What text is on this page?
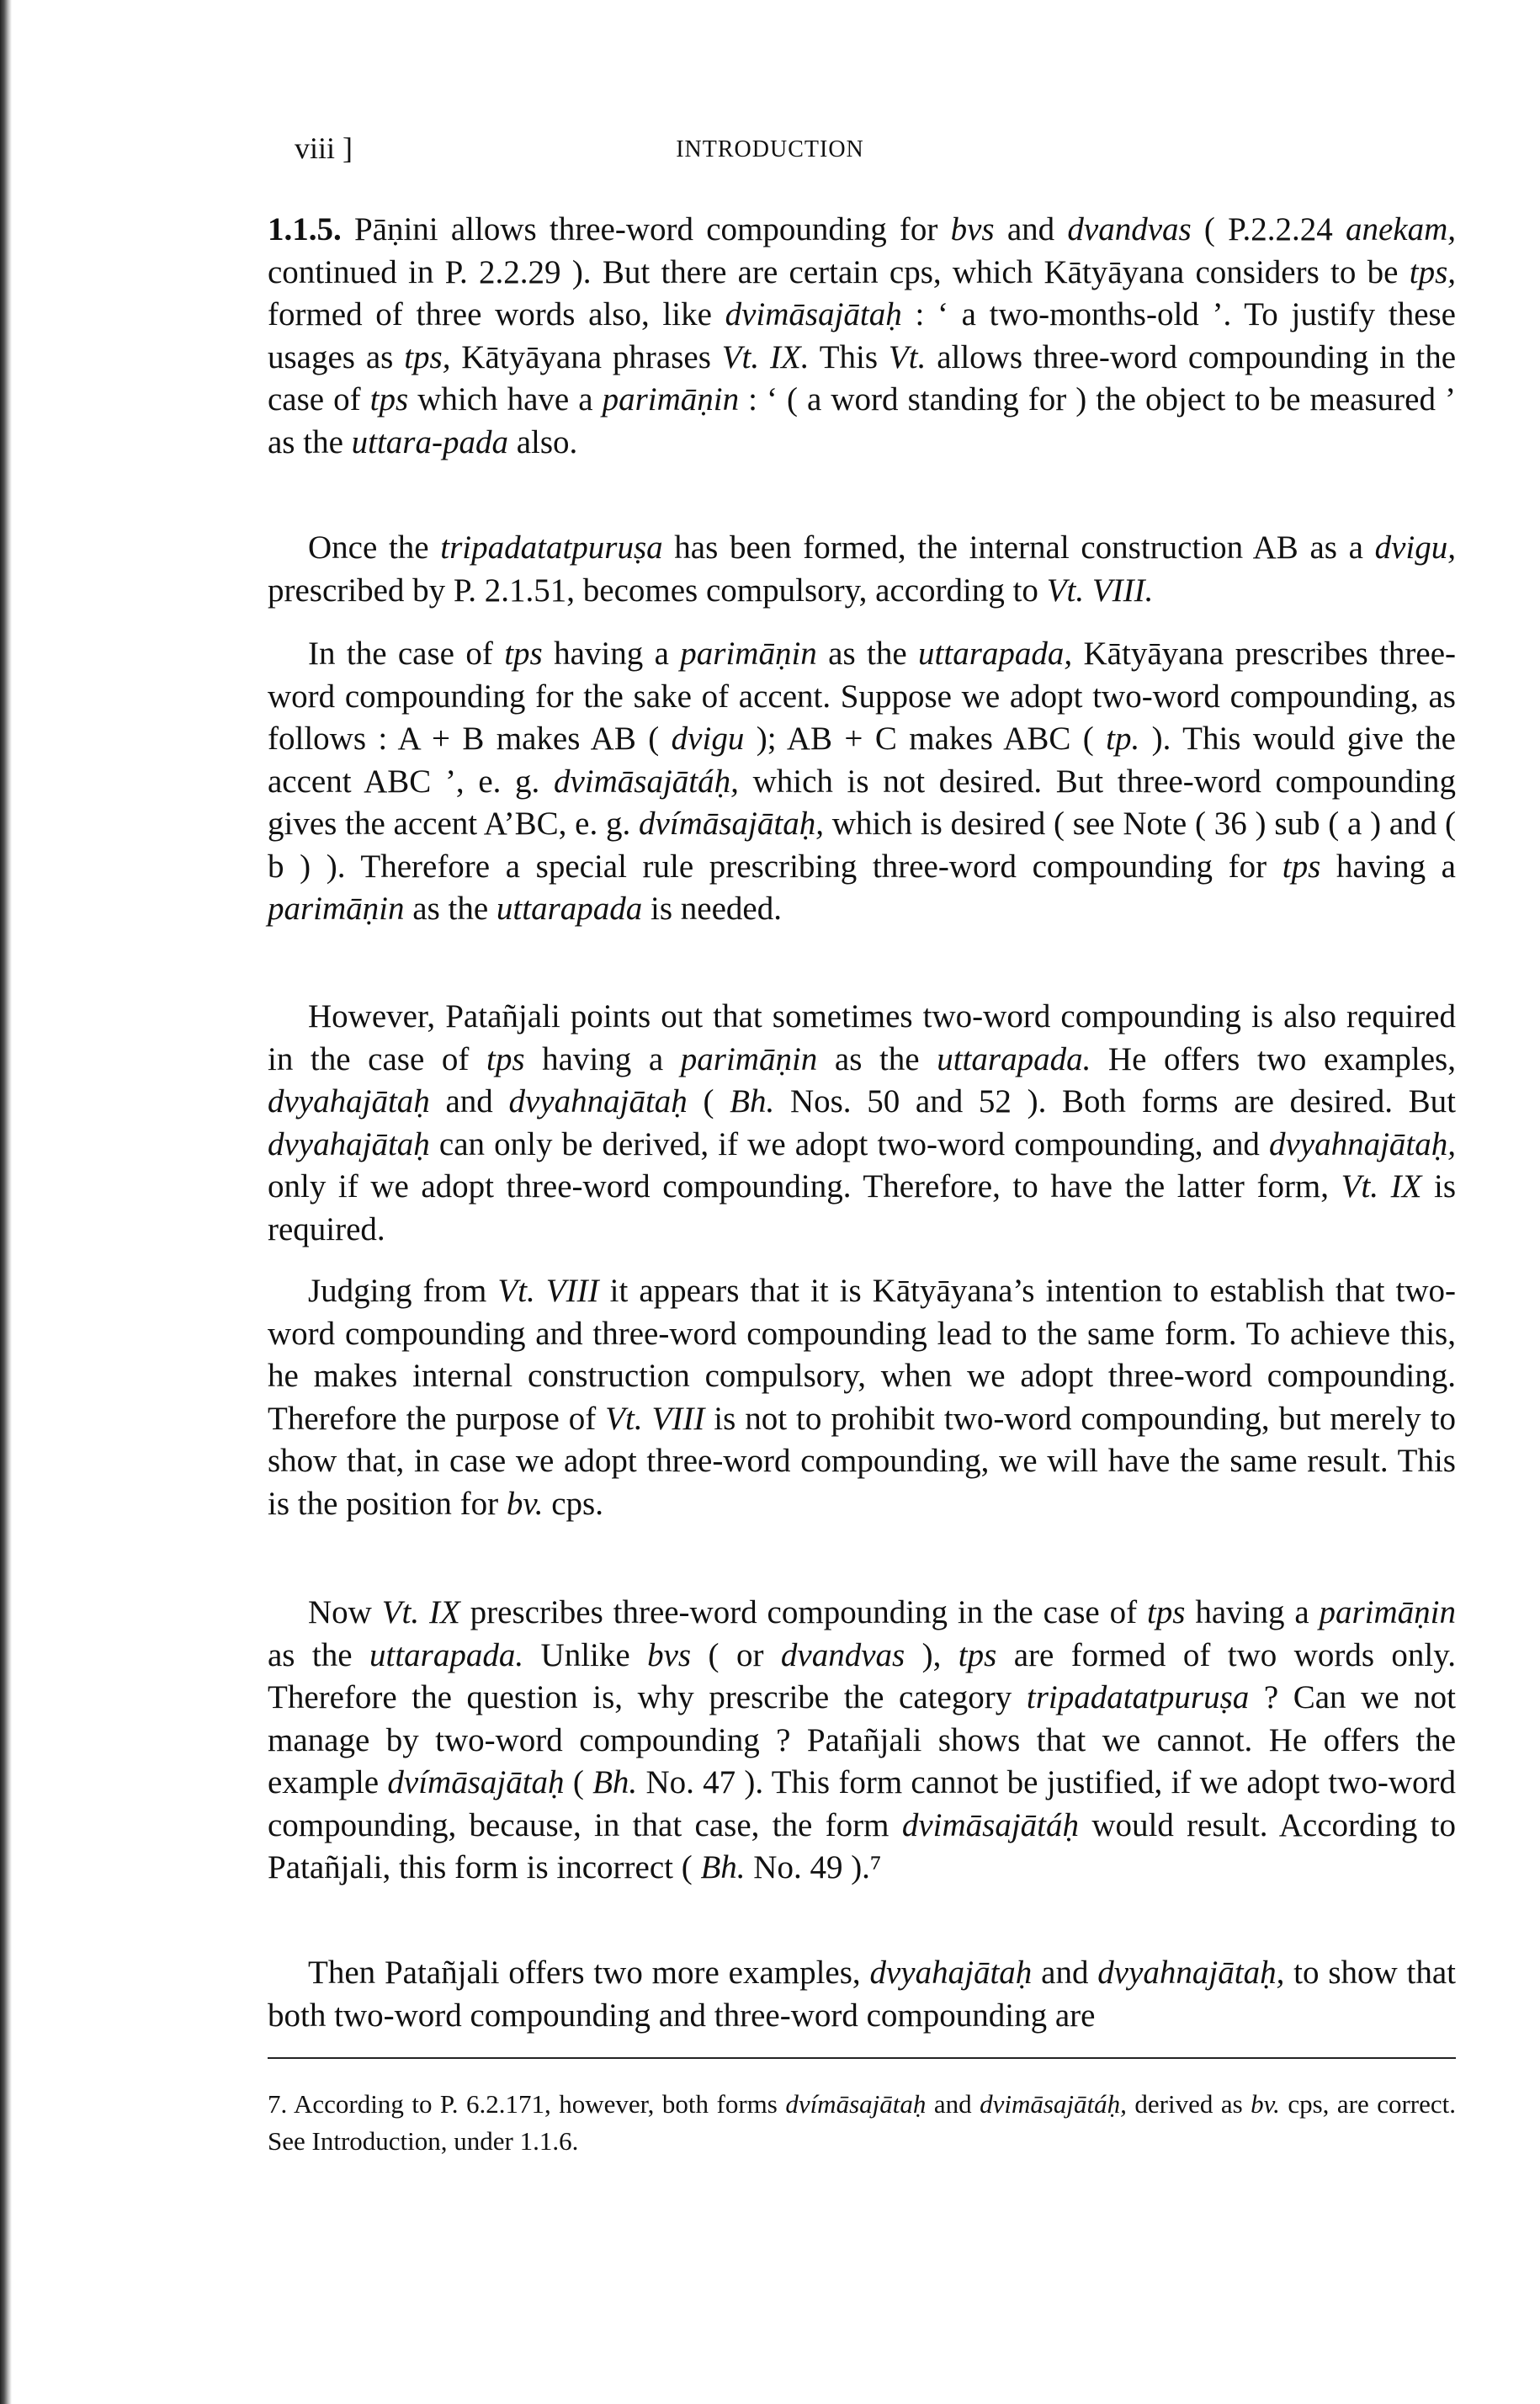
viii ]	INTRODUCTION
1.1.5. Pāṇini allows three-word compounding for bvs and dvandvas ( P.2.2.24 anekam, continued in P. 2.2.29 ). But there are certain cps, which Kātyāyana considers to be tps, formed of three words also, like dvimāsajātaḥ : ‘ a two-months-old ’. To justify these usages as tps, Kātyāyana phrases Vt. IX. This Vt. allows three-word compounding in the case of tps which have a parimāṇin : ‘ ( a word standing for ) the object to be measured ’ as the uttara-pada also.
Once the tripadatatpuruṣa has been formed, the internal construction AB as a dvigu, prescribed by P. 2.1.51, becomes compulsory, according to Vt. VIII.
In the case of tps having a parimāṇin as the uttarapada, Kātyāyana prescribes three-word compounding for the sake of accent. Suppose we adopt two-word compounding, as follows : A + B makes AB ( dvigu ); AB + C makes ABC ( tp. ). This would give the accent ABC ’, e. g. dvimāsajātáḥ, which is not desired. But three-word compounding gives the accent A’BC, e. g. dvímāsajātaḥ, which is desired ( see Note ( 36 ) sub ( a ) and ( b ) ). Therefore a special rule prescribing three-word compounding for tps having a parimāṇin as the uttarapada is needed.
However, Patañjali points out that sometimes two-word compounding is also required in the case of tps having a parimāṇin as the uttarapada. He offers two examples, dvyahajātaḥ and dvyahnajātaḥ ( Bh. Nos. 50 and 52 ). Both forms are desired. But dvyahajātaḥ can only be derived, if we adopt two-word compounding, and dvyahnajātaḥ, only if we adopt three-word compounding. Therefore, to have the latter form, Vt. IX is required.
Judging from Vt. VIII it appears that it is Kātyāyana’s intention to establish that two-word compounding and three-word compounding lead to the same form. To achieve this, he makes internal construction compulsory, when we adopt three-word compounding. Therefore the purpose of Vt. VIII is not to prohibit two-word compounding, but merely to show that, in case we adopt three-word compounding, we will have the same result. This is the position for bv. cps.
Now Vt. IX prescribes three-word compounding in the case of tps having a parimāṇin as the uttarapada. Unlike bvs ( or dvandvas ), tps are formed of two words only. Therefore the question is, why prescribe the category tripadatatpuruṣa ? Can we not manage by two-word compounding ? Patañjali shows that we cannot. He offers the example dvímāsajātaḥ ( Bh. No. 47 ). This form cannot be justified, if we adopt two-word compounding, because, in that case, the form dvimāsajātáḥ would result. According to Patañjali, this form is incorrect ( Bh. No. 49 ).⁷
Then Patañjali offers two more examples, dvyahajātaḥ and dvyahnajātaḥ, to show that both two-word compounding and three-word compounding are
7. According to P. 6.2.171, however, both forms dvímāsajātaḥ and dvimāsajātáḥ, derived as bv. cps, are correct. See Introduction, under 1.1.6.
